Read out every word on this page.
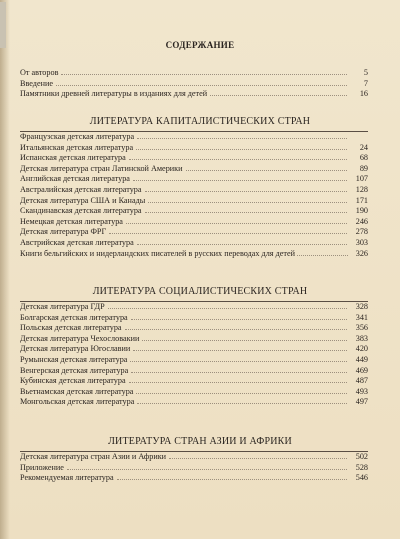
СОДЕРЖАНИЕ
От авторов	5
Введение	7
Памятники древней литературы в изданиях для детей	16
ЛИТЕРАТУРА КАПИТАЛИСТИЧЕСКИХ СТРАН
Французская детская литература
Итальянская детская литература	24
Испанская детская литература	68
Детская литература стран Латинской Америки	89
Английская детская литература	107
Австралийская детская литература	128
Детская литература США и Канады	171
Скандинавская детская литература	190
Немецкая детская литература	246
Детская литература ФРГ	278
Австрийская детская литература	303
Книги бельгийских и нидерландских писателей в русских переводах для детей	326
ЛИТЕРАТУРА СОЦИАЛИСТИЧЕСКИХ СТРАН
Детская литература ГДР	328
Болгарская детская литература	341
Польская детская литература	356
Детская литература Чехословакии	383
Детская литература Югославии	420
Румынская детская литература	449
Венгерская детская литература	469
Кубинская детская литература	487
Вьетнамская детская литература	493
Монгольская детская литература	497
ЛИТЕРАТУРА СТРАН АЗИИ И АФРИКИ
Детская литература стран Азии и Африки	502
Приложение	528
Рекомендуемая литература	546
